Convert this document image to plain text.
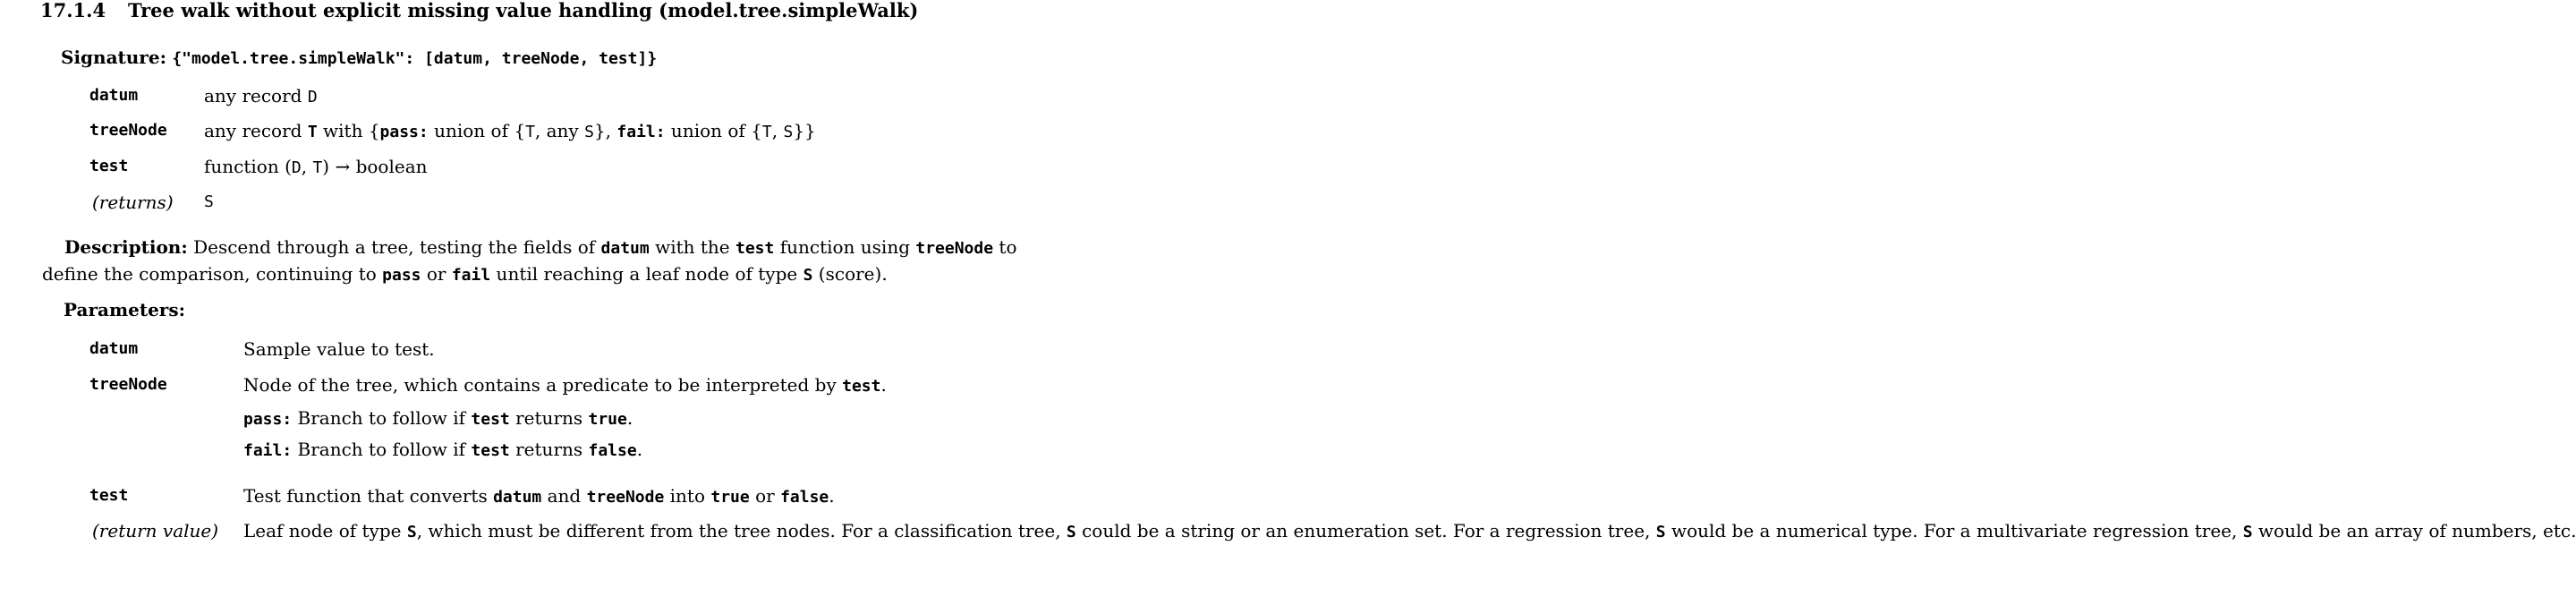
17.1.4 Tree walk without explicit missing value handling (model.tree.simpleWalk)
Signature: {"model.tree.simpleWalk": [datum, treeNode, test]}
datum	any record D
treeNode any record T with {pass: union of {T, any S}, fail: union of {T, S}}
test	function (D, T) → boolean
(returns) S
Description: Descend through a tree, testing the fields of datum with the test function using treeNode to define the comparison, continuing to pass or fail until reaching a leaf node of type S (score).
Parameters:
datum	Sample value to test.
treeNode	Node of the tree, which contains a predicate to be interpreted by test.
pass: Branch to follow if test returns true.
fail: Branch to follow if test returns false.
test	Test function that converts datum and treeNode into true or false.
(return value) Leaf node of type S, which must be different from the tree nodes. For a classification tree, S could be a string or an enumeration set. For a regression tree, S would be a numerical type. For a multivariate regression tree, S would be an array of numbers, etc.
